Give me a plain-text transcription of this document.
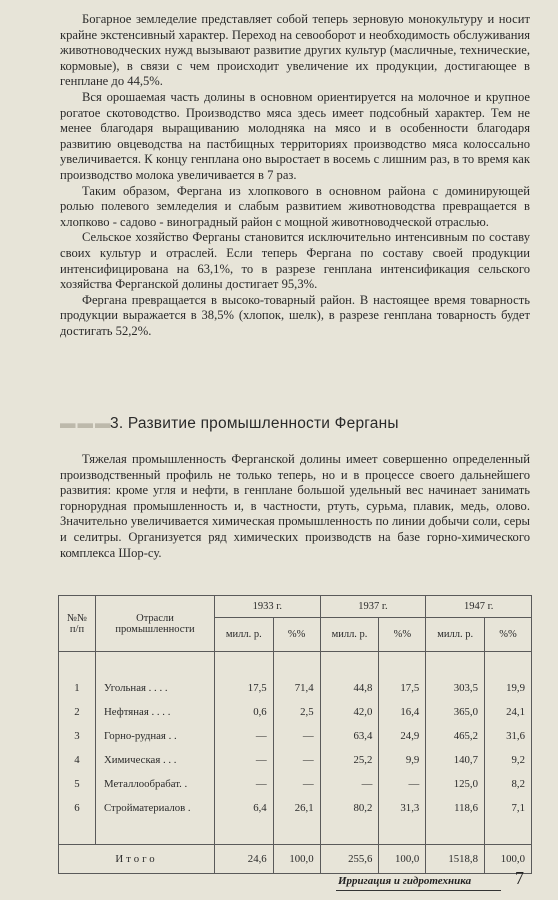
Богарное земледелие представляет собой теперь зерновую монокультуру и носит крайне экстенсивный характер. Переход на севооборот и необходимость обслуживания животноводческих нужд вызывают развитие других культур (масличные, технические, кормовые), в связи с чем происходит увеличение их продукции, достигающее в генплане до 44,5%.

Вся орошаемая часть долины в основном ориентируется на молочное и крупное рогатое скотоводство. Производство мяса здесь имеет подсобный характер. Тем не менее благодаря выращиванию молодняка на мясо и в особенности благодаря развитию овцеводства на пастбищных территориях производство мяса колоссально увеличивается. К концу генплана оно выростает в восемь с лишним раз, в то время как производство молока увеличивается в 7 раз.

Таким образом, Фергана из хлопкового в основном района с доминирующей ролью полевого земледелия и слабым развитием животноводства превращается в хлопково - садово - виноградный район с мощной животноводческой отраслью.

Сельское хозяйство Ферганы становится исключительно интенсивным по составу своих культур и отраслей. Если теперь Фергана по составу своей продукции интенсифицирована на 63,1%, то в разрезе генплана интенсификация сельского хозяйства Ферганской долины достигает 95,3%.

Фергана превращается в высоко-товарный район. В настоящее время товарность продукции выражается в 38,5% (хлопок, шелк), в разрезе генплана товарность будет достигать 52,2%.

▬▬▬3. Развитие промышленности Ферганы

Тяжелая промышленность Ферганской долины имеет совершенно определенный производственный профиль не только теперь, но и в процессе своего дальнейшего развития: кроме угля и нефти, в генплане большой удельный вес начинает занимать горнорудная промышленность и, в частности, ртуть, сурьма, плавик, медь, олово. Значительно увеличивается химическая промышленность по линии добычи соли, серы и селитры. Организуется ряд химических производств на базе горно-химического комплекса Шор-су.

№№ п/п	Отрасли промышленности	1933 г.		1937 г.		1947 г.	
		милл. р.	%%	милл. р.	%%	милл. р.	%%

1	Угольная . . . .	17,5	71,4	44,8	17,5	303,5	19,9
2	Нефтяная . . . .	0,6	2,5	42,0	16,4	365,0	24,1
3	Горно-рудная . .	—	—	63,4	24,9	465,2	31,6
4	Химическая . . .	—	—	25,2	9,9	140,7	9,2
5	Металлообрабат. .	—	—	—	—	125,0	8,2
6	Стройматериалов .	6,4	26,1	80,2	31,3	118,6	7,1

Итого		24,6	100,0	255,6	100,0	1518,8	100,0
Ирригация и гидротехника 7
